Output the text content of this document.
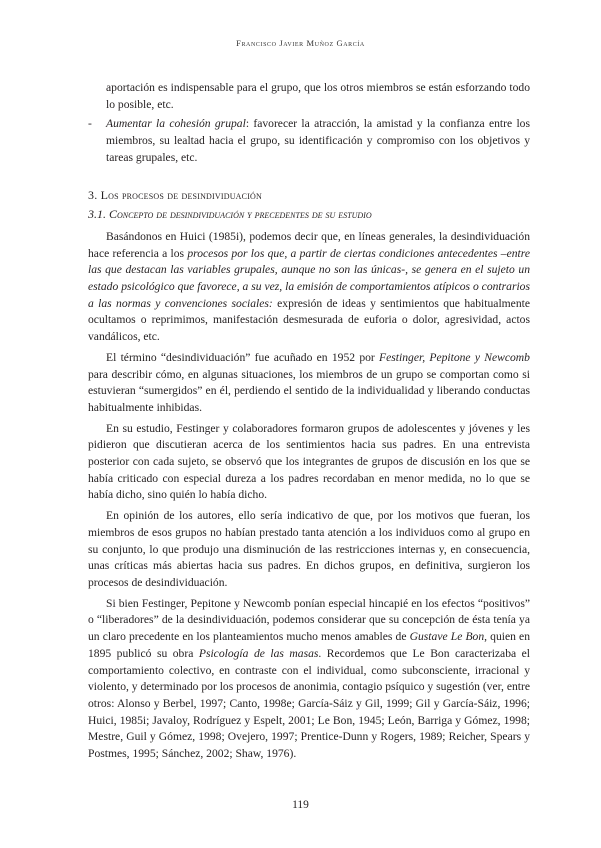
Francisco Javier Muñoz García

aportación es indispensable para el grupo, que los otros miembros se están esforzando todo lo posible, etc.

- Aumentar la cohesión grupal: favorecer la atracción, la amistad y la confianza entre los miembros, su lealtad hacia el grupo, su identificación y compromiso con los objetivos y tareas grupales, etc.

3. Los procesos de desindividuación
3.1. Concepto de desindividuación y precedentes de su estudio

Basándonos en Huici (1985i), podemos decir que, en líneas generales, la desindividuación hace referencia a los procesos por los que, a partir de ciertas condiciones antecedentes –entre las que destacan las variables grupales, aunque no son las únicas-, se genera en el sujeto un estado psicológico que favorece, a su vez, la emisión de comportamientos atípicos o contrarios a las normas y convenciones sociales: expresión de ideas y sentimientos que habitualmente ocultamos o reprimimos, manifestación desmesurada de euforia o dolor, agresividad, actos vandálicos, etc.

El término “desindividuación” fue acuñado en 1952 por Festinger, Pepitone y Newcomb para describir cómo, en algunas situaciones, los miembros de un grupo se comportan como si estuvieran “sumergidos” en él, perdiendo el sentido de la individualidad y liberando conductas habitualmente inhibidas.

En su estudio, Festinger y colaboradores formaron grupos de adolescentes y jóvenes y les pidieron que discutieran acerca de los sentimientos hacia sus padres. En una entrevista posterior con cada sujeto, se observó que los integrantes de grupos de discusión en los que se había criticado con especial dureza a los padres recordaban en menor medida, no lo que se había dicho, sino quién lo había dicho.

En opinión de los autores, ello sería indicativo de que, por los motivos que fueran, los miembros de esos grupos no habían prestado tanta atención a los individuos como al grupo en su conjunto, lo que produjo una disminución de las restricciones internas y, en consecuencia, unas críticas más abiertas hacia sus padres. En dichos grupos, en definitiva, surgieron los procesos de desindividuación.

Si bien Festinger, Pepitone y Newcomb ponían especial hincapié en los efectos “positivos” o “liberadores” de la desindividuación, podemos considerar que su concepción de ésta tenía ya un claro precedente en los planteamientos mucho menos amables de Gustave Le Bon, quien en 1895 publicó su obra Psicología de las masas. Recordemos que Le Bon caracterizaba el comportamiento colectivo, en contraste con el individual, como subconsciente, irracional y violento, y determinado por los procesos de anonimia, contagio psíquico y sugestión (ver, entre otros: Alonso y Berbel, 1997; Canto, 1998e; García-Sáiz y Gil, 1999; Gil y García-Sáiz, 1996; Huici, 1985i; Javaloy, Rodríguez y Espelt, 2001; Le Bon, 1945; León, Barriga y Gómez, 1998; Mestre, Guil y Gómez, 1998; Ovejero, 1997; Prentice-Dunn y Rogers, 1989; Reicher, Spears y Postmes, 1995; Sánchez, 2002; Shaw, 1976).

119
